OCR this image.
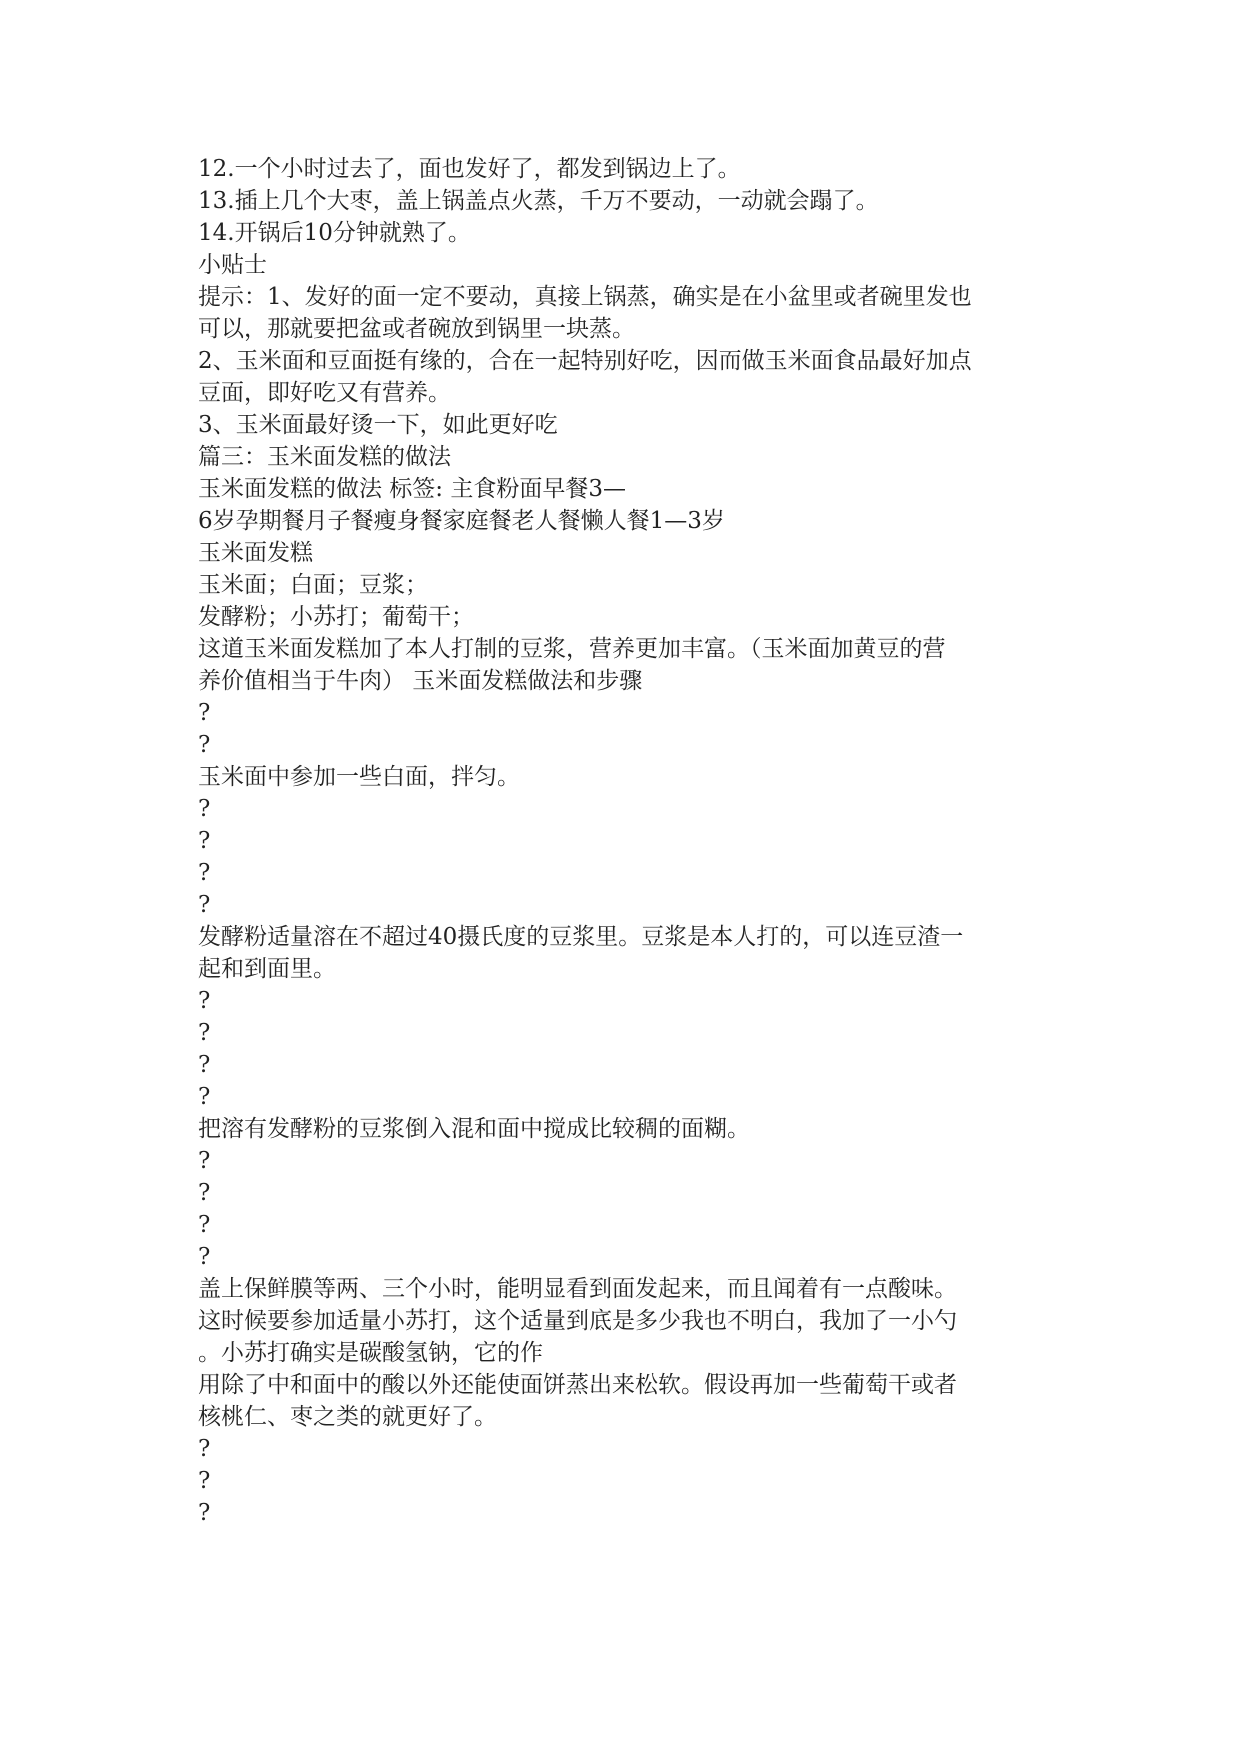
12.一个小时过去了，面也发好了，都发到锅边上了。
13.插上几个大枣，盖上锅盖点火蒸，千万不要动，一动就会蹋了。
14.开锅后10分钟就熟了。
小贴士
提示：1、发好的面一定不要动，真接上锅蒸，确实是在小盆里或者碗里发也
可以，那就要把盆或者碗放到锅里一块蒸。
2、玉米面和豆面挺有缘的，合在一起特别好吃，因而做玉米面食品最好加点
豆面，即好吃又有营养。
3、玉米面最好烫一下，如此更好吃
篇三：玉米面发糕的做法
玉米面发糕的做法 标签: 主食粉面早餐3—
6岁孕期餐月子餐瘦身餐家庭餐老人餐懒人餐1—3岁
玉米面发糕
玉米面；白面；豆浆；
发酵粉；小苏打；葡萄干；
这道玉米面发糕加了本人打制的豆浆，营养更加丰富。（玉米面加黄豆的营
养价值相当于牛肉） 玉米面发糕做法和步骤
?
?
玉米面中参加一些白面，拌匀。
?
?
?
?
发酵粉适量溶在不超过40摄氏度的豆浆里。豆浆是本人打的，可以连豆渣一
起和到面里。
?
?
?
?
把溶有发酵粉的豆浆倒入混和面中搅成比较稠的面糊。
?
?
?
?
盖上保鲜膜等两、三个小时，能明显看到面发起来，而且闻着有一点酸味。
这时候要参加适量小苏打，这个适量到底是多少我也不明白，我加了一小勺
。小苏打确实是碳酸氢钠，它的作
用除了中和面中的酸以外还能使面饼蒸出来松软。假设再加一些葡萄干或者
核桃仁、枣之类的就更好了。
?
?
?
